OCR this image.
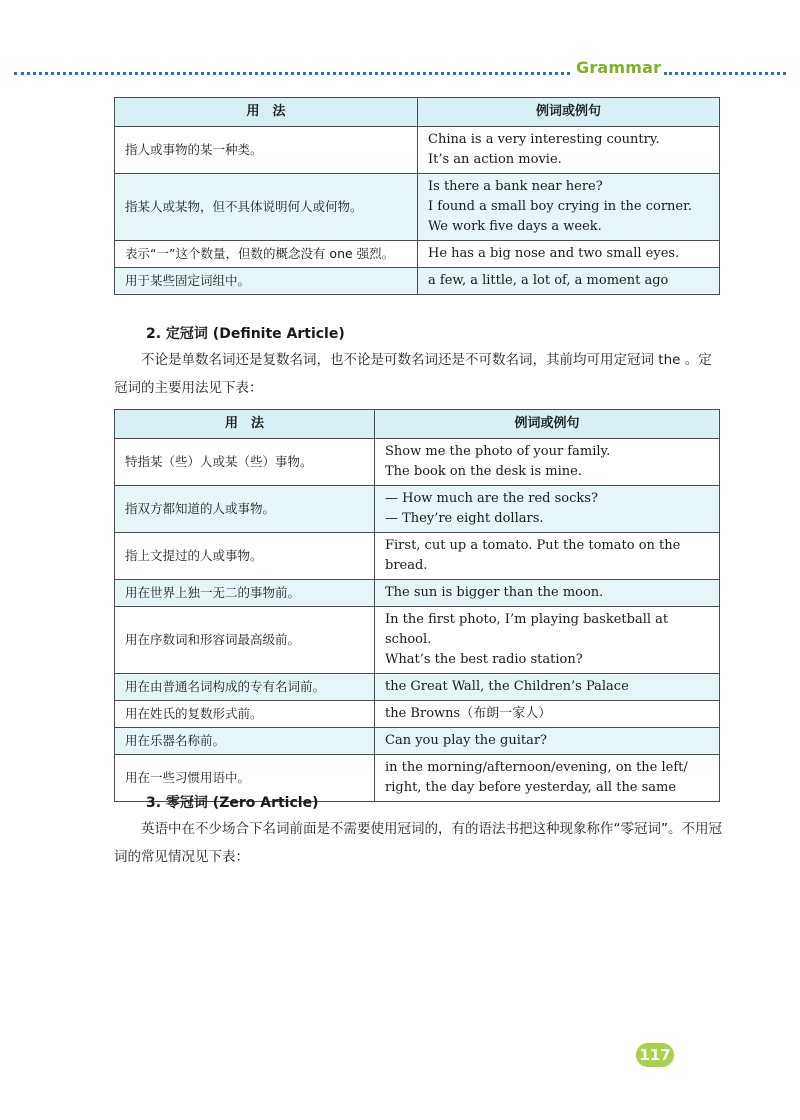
Grammar
用　法	例词或例句
指人或事物的某一种类。	China is a very interesting country.
It’s an action movie.

指某人或某物，但不具体说明何人或何物。	Is there a bank near here?
I found a small boy crying in the corner.
We work five days a week.

表示“一”这个数量，但数的概念没有 one 强烈。	He has a big nose and two small eyes.

用于某些固定词组中。	a few, a little, a lot of, a moment ago
2. 定冠词 (Definite Article)
不论是单数名词还是复数名词，也不论是可数名词还是不可数名词，其前均可用定冠词 the 。定冠词的主要用法见下表：
用　法	例词或例句
特指某（些）人或某（些）事物。	Show me the photo of your family.
The book on the desk is mine.

指双方都知道的人或事物。	— How much are the red socks?
— They’re eight dollars.

指上文提过的人或事物。	First, cut up a tomato. Put the tomato on the bread.

用在世界上独一无二的事物前。	The sun is bigger than the moon.

用在序数词和形容词最高级前。	In the first photo, I’m playing basketball at school.
What’s the best radio station?

用在由普通名词构成的专有名词前。	the Great Wall, the Children’s Palace

用在姓氏的复数形式前。	the Browns（布朗一家人）

用在乐器名称前。	Can you play the guitar?

用在一些习惯用语中。	in the morning/afternoon/evening, on the left/
right, the day before yesterday, all the same
3. 零冠词 (Zero Article)
英语中在不少场合下名词前面是不需要使用冠词的，有的语法书把这种现象称作“零冠词”。不用冠词的常见情况见下表：
117
